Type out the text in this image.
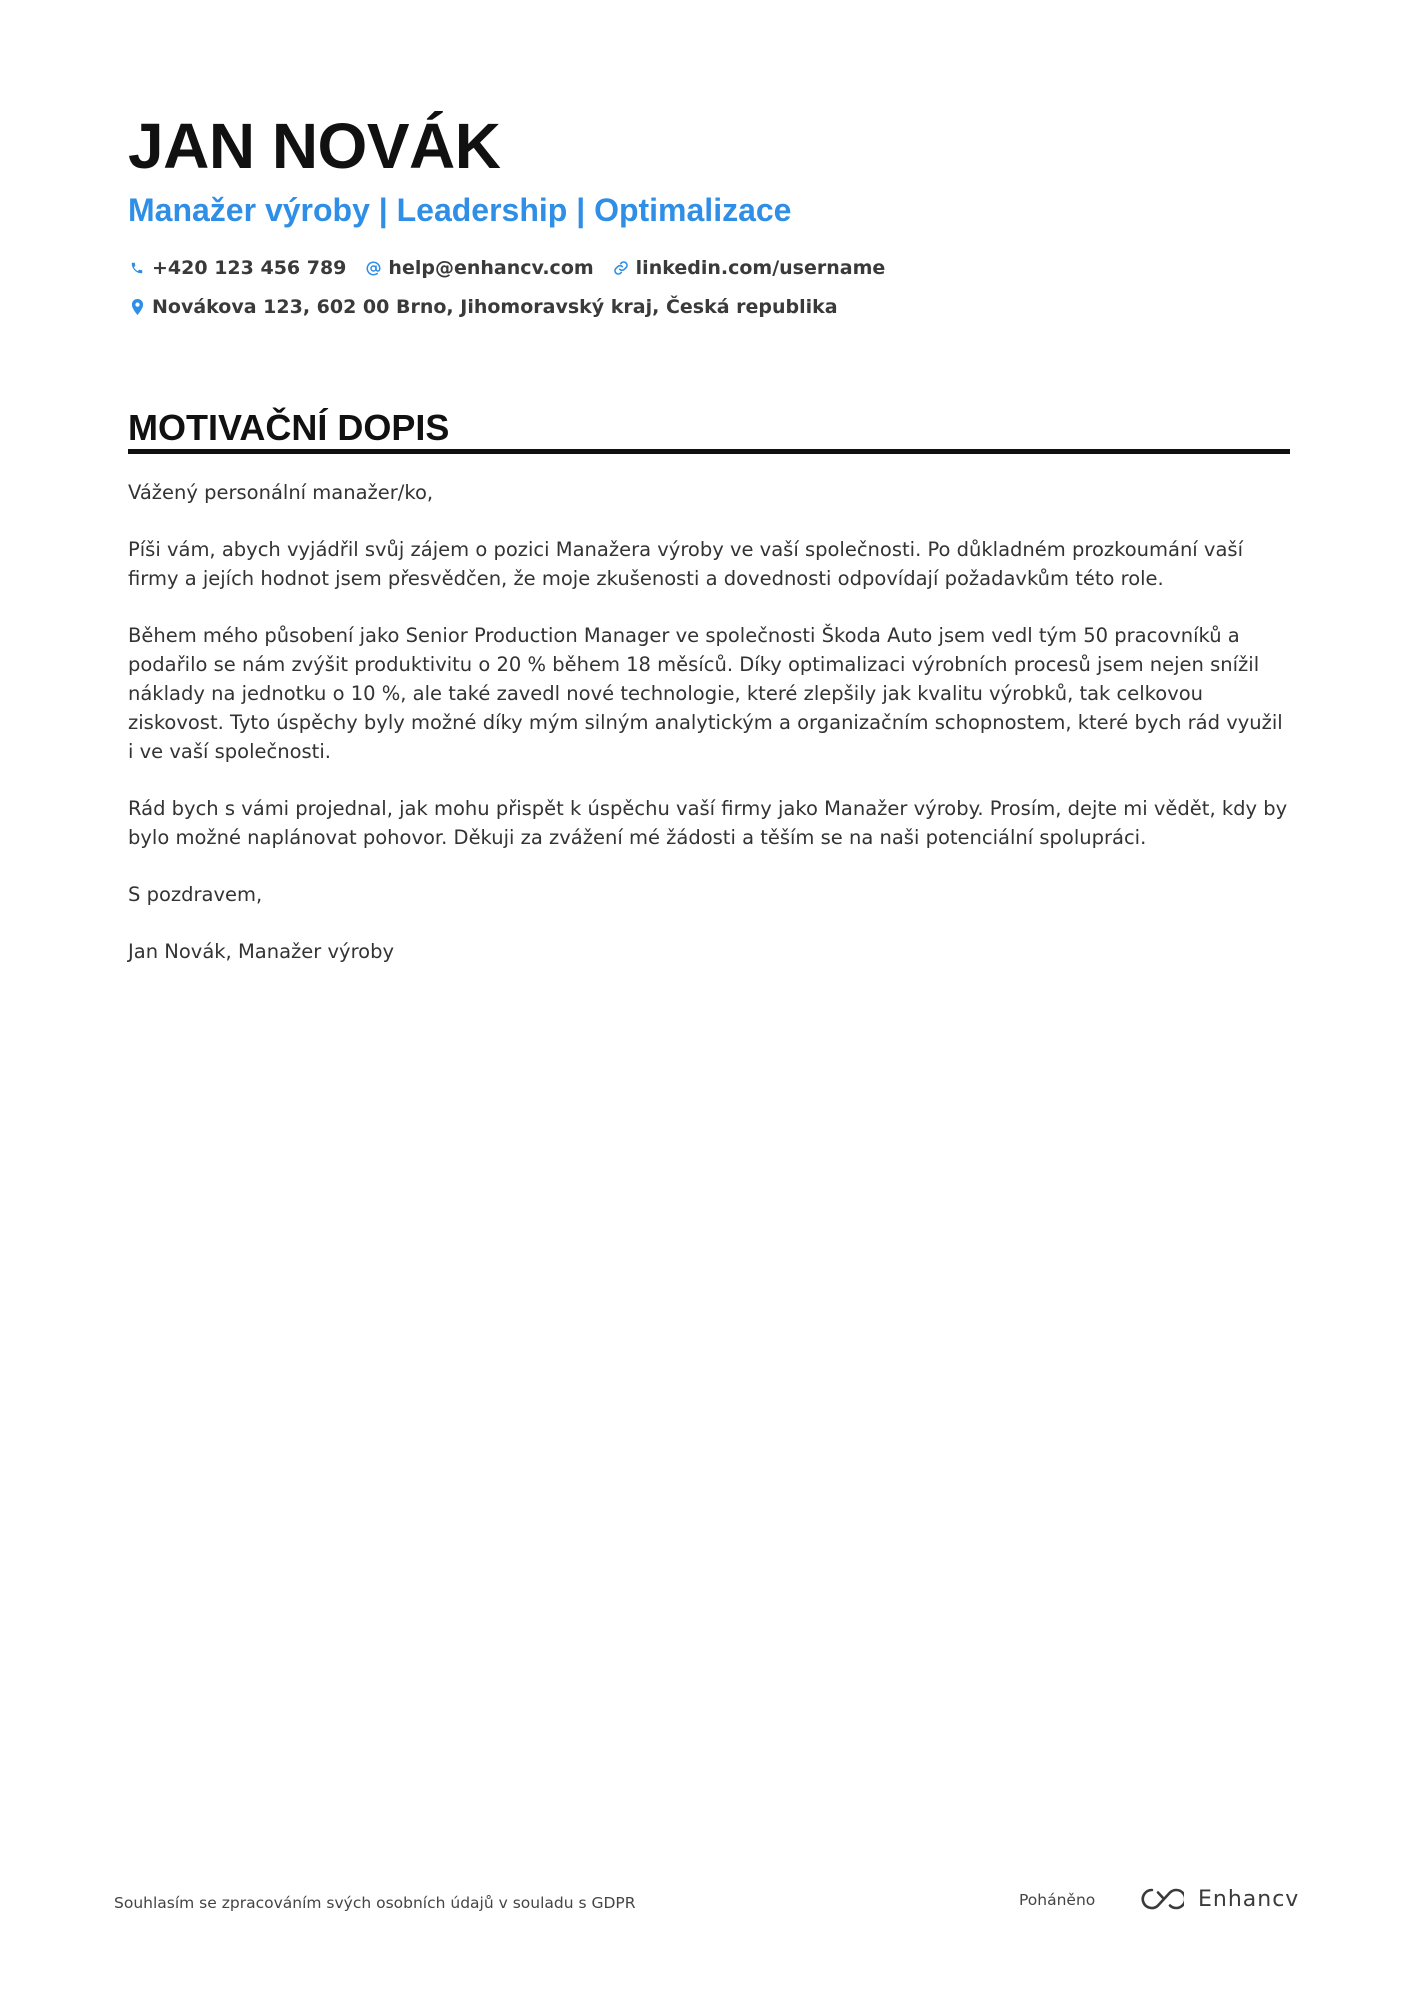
JAN NOVÁK
Manažer výroby | Leadership | Optimalizace
+420 123 456 789 help@enhancv.com linkedin.com/username
Novákova 123, 602 00 Brno, Jihomoravský kraj, Česká republika
MOTIVAČNÍ DOPIS

Vážený personální manažer/ko,

Píši vám, abych vyjádřil svůj zájem o pozici Manažera výroby ve vaší společnosti. Po důkladném prozkoumání vaší firmy a jejích hodnot jsem přesvědčen, že moje zkušenosti a dovednosti odpovídají požadavkům této role.

Během mého působení jako Senior Production Manager ve společnosti Škoda Auto jsem vedl tým 50 pracovníků a podařilo se nám zvýšit produktivitu o 20 % během 18 měsíců. Díky optimalizaci výrobních procesů jsem nejen snížil náklady na jednotku o 10 %, ale také zavedl nové technologie, které zlepšily jak kvalitu výrobků, tak celkovou ziskovost. Tyto úspěchy byly možné díky mým silným analytickým a organizačním schopnostem, které bych rád využil i ve vaší společnosti.

Rád bych s vámi projednal, jak mohu přispět k úspěchu vaší firmy jako Manažer výroby. Prosím, dejte mi vědět, kdy by bylo možné naplánovat pohovor. Děkuji za zvážení mé žádosti a těším se na naši potenciální spolupráci.

S pozdravem,

Jan Novák, Manažer výroby

Souhlasím se zpracováním svých osobních údajů v souladu s GDPR	Poháněno	Enhancv
